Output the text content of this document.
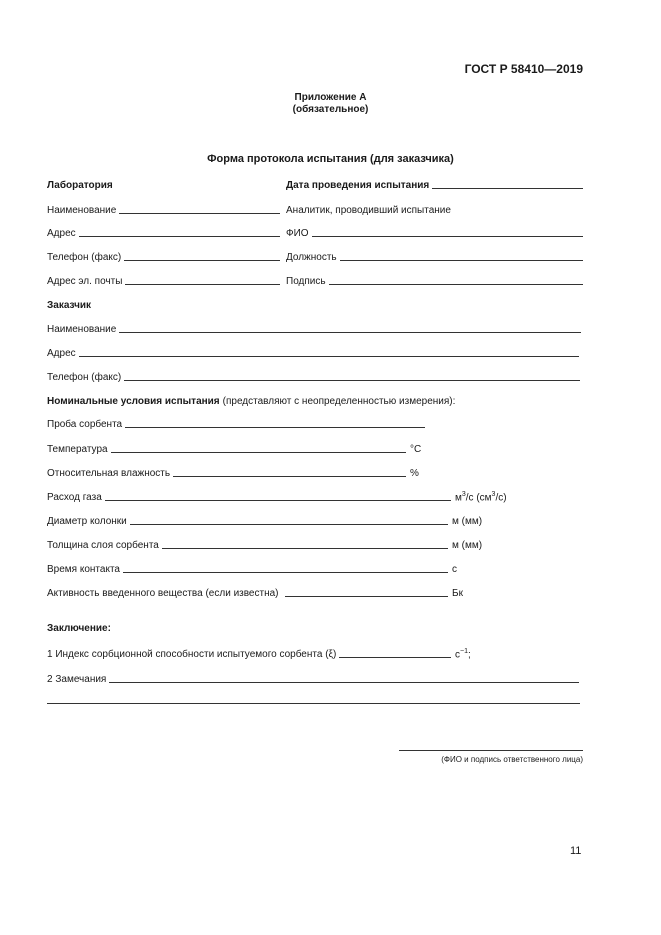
ГОСТ Р 58410—2019
Приложение А
(обязательное)
Форма протокола испытания (для заказчика)
Лаборатория	Дата проведения испытания
Наименование	Аналитик, проводивший испытание
Адрес	ФИО
Телефон (факс)	Должность
Адрес эл. почты	Подпись
Заказчик
Наименование
Адрес
Телефон (факс)
Номинальные условия испытания (представляют с неопределенностью измерения):
Проба сорбента
Температура	°С
Относительная влажность	%
Расход газа	$м^3/с$ $(см^3/с)$
Диаметр колонки	м (мм)
Толщина слоя сорбента	м (мм)
Время контакта	с
Активность введенного вещества (если известна)	Бк
Заключение:
1 Индекс сорбционной способности испытуемого сорбента (ξ)	$с^{-1}$;
2 Замечания
(ФИО и подпись ответственного лица)
11
